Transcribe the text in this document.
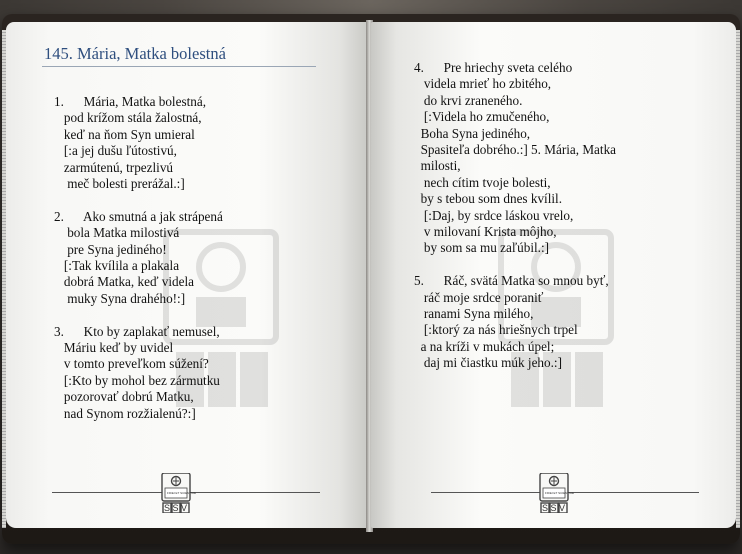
145. Mária, Matka bolestná

1.      Mária, Matka bolestná,
pod krížom stála žalostná,
keď na ňom Syn umieral
[:a jej dušu ľútostivú,
zarmútenú, trpezlivú
meč bolesti prerážal.:]

2.      Ako smutná a jak strápená
bola Matka milostivá
pre Syna jediného!
[:Tak kvílila a plakala
dobrá Matka, keď videla
muky Syna drahého!:]

3.      Kto by zaplakať nemusel,
Máriu keď by uvidel
v tomto preveľkom súžení?
[:Kto by mohol bez zármutku
pozorovať dobrú Matku,
nad Synom rozžialenú?:]

FIDEI ET SCIENTIAE
SSV

4.      Pre hriechy sveta celého
videla mrieť ho zbitého,
do krvi zraneného.
[:Videla ho zmučeného,
Boha Syna jediného,
Spasiteľa dobrého.:] 5. Mária, Matka
milosti,
nech cítim tvoje bolesti,
by s tebou som dnes kvílil.
[:Daj, by srdce láskou vrelo,
v milovaní Krista môjho,
by som sa mu zaľúbil.:]

5.      Ráč, svätá Matka so mnou byť,
ráč moje srdce poraniť
ranami Syna milého,
[:ktorý za nás hriešnych trpel
a na kríži v mukách úpel;
daj mi čiastku múk jeho.:]

FIDEI ET SCIENTIAE
SSV
